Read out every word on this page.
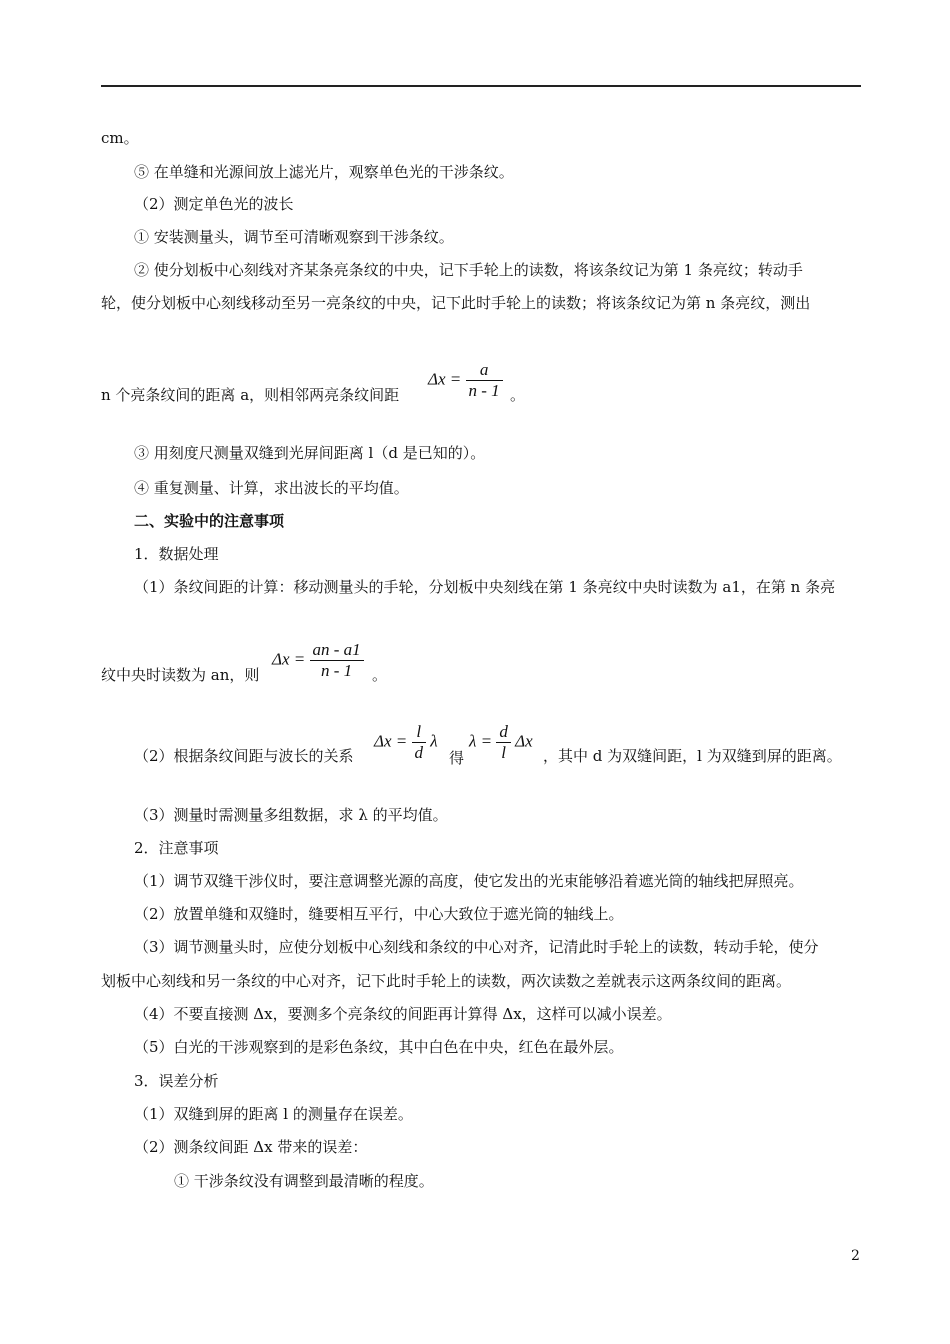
cm。
⑤ 在单缝和光源间放上滤光片，观察单色光的干涉条纹。
（2）测定单色光的波长
① 安装测量头，调节至可清晰观察到干涉条纹。
② 使分划板中心刻线对齐某条亮条纹的中央，记下手轮上的读数，将该条纹记为第 1 条亮纹；转动手
轮，使分划板中心刻线移动至另一亮条纹的中央，记下此时手轮上的读数；将该条纹记为第 n 条亮纹，测出
n 个亮条纹间的距离 a，则相邻两亮条纹间距
$\Delta x = \frac{a}{n - 1}$ 。
③ 用刻度尺测量双缝到光屏间距离 l（d 是已知的）。
④ 重复测量、计算，求出波长的平均值。
二、实验中的注意事项
1．数据处理
（1）条纹间距的计算：移动测量头的手轮，分划板中央刻线在第 1 条亮纹中央时读数为 a1，在第 n 条亮
纹中央时读数为 an，则
$\Delta x = \frac{an - a1}{n - 1}$ 。
（2）根据条纹间距与波长的关系
$\Delta x = \frac{l}{d}$ λ
得
$\lambda = \frac{d}{l}$ Δx
，其中 d 为双缝间距，l 为双缝到屏的距离。
（3）测量时需测量多组数据，求 λ 的平均值。
2．注意事项
（1）调节双缝干涉仪时，要注意调整光源的高度，使它发出的光束能够沿着遮光筒的轴线把屏照亮。
（2）放置单缝和双缝时，缝要相互平行，中心大致位于遮光筒的轴线上。
（3）调节测量头时，应使分划板中心刻线和条纹的中心对齐，记清此时手轮上的读数，转动手轮，使分
划板中心刻线和另一条纹的中心对齐，记下此时手轮上的读数，两次读数之差就表示这两条纹间的距离。
（4）不要直接测 Δx，要测多个亮条纹的间距再计算得 Δx，这样可以减小误差。
（5）白光的干涉观察到的是彩色条纹，其中白色在中央，红色在最外层。
3．误差分析
（1）双缝到屏的距离 l 的测量存在误差。
（2）测条纹间距 Δx 带来的误差：
① 干涉条纹没有调整到最清晰的程度。
2
